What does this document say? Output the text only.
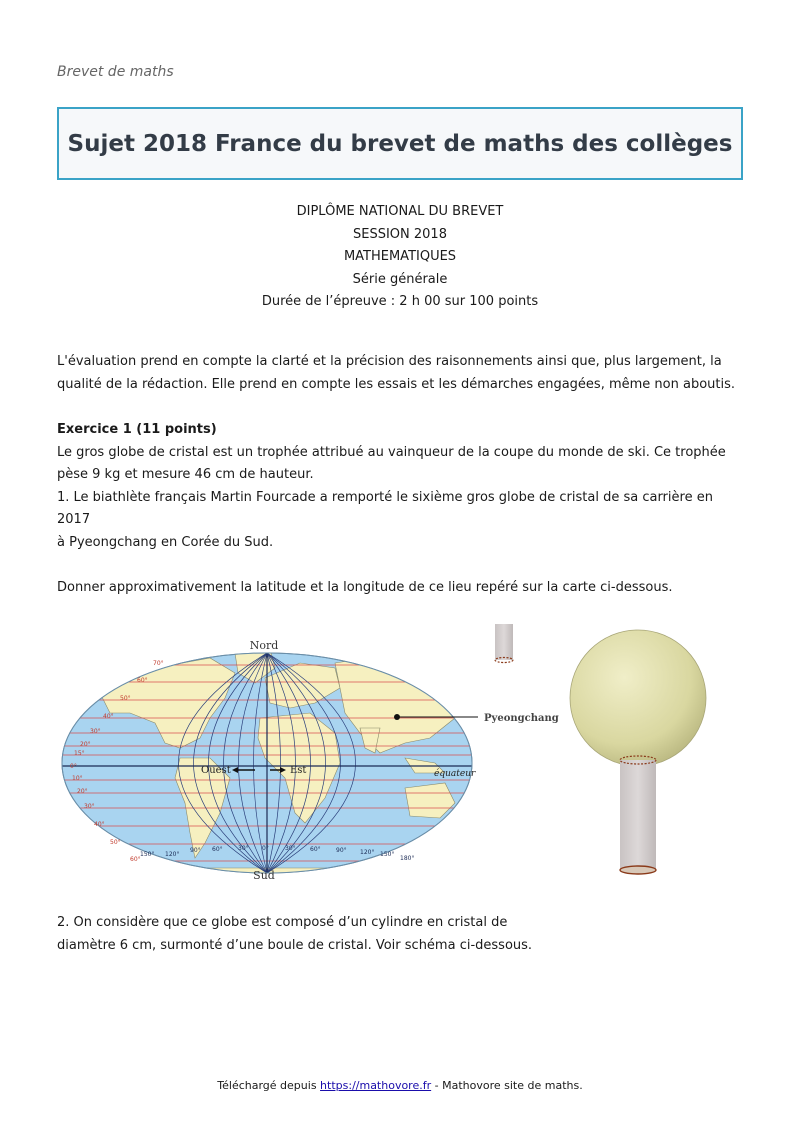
Brevet de maths
Sujet 2018 France du brevet de maths des collèges
DIPLÔME NATIONAL DU BREVET
SESSION 2018
MATHEMATIQUES
Série générale
Durée de l’épreuve : 2 h 00 sur 100 points
L'évaluation prend en compte la clarté et la précision des raisonnements ainsi que, plus largement, la
qualité de la rédaction. Elle prend en compte les essais et les démarches engagées, même non aboutis.
Exercice 1 (11 points)
Le gros globe de cristal est un trophée attribué au vainqueur de la coupe du monde de ski. Ce trophée
pèse 9 kg et mesure 46 cm de hauteur.
1. Le biathlète français Martin Fourcade a remporté le sixième gros globe de cristal de sa carrière en 2017
à Pyeongchang en Corée du Sud.
Donner approximativement la latitude et la longitude de ce lieu repéré sur la carte ci-dessous.
70°
60°
50°
40°
30°
20°
15°
0°
10°
20°
30°
40°
50°
60°
150° 120°
90° 60°	30° 0°	30° 60°	90° 120° 150°
180°
Nord
Sud
Ouest	Est	équateur
Pyeongchang
2. On considère que ce globe est composé d’un cylindre en cristal de
diamètre 6 cm, surmonté d’une boule de cristal. Voir schéma ci-dessous.
Téléchargé depuis https://mathovore.fr - Mathovore site de maths.
